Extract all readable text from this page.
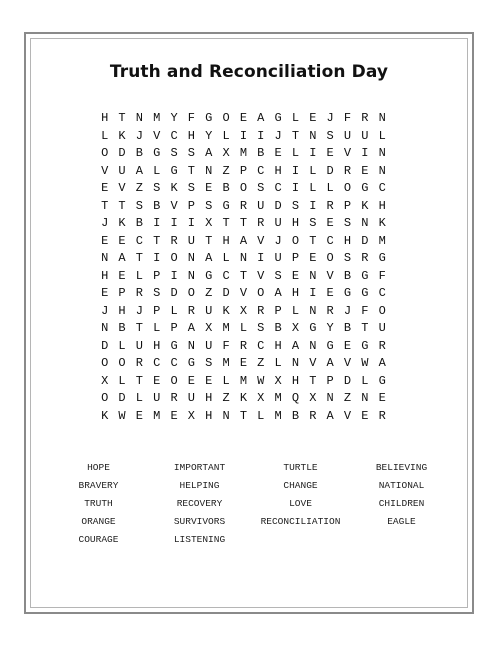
Truth and Reconciliation Day
H T N M Y F G O E A G L E J F R N
L K J V C H Y L I I J T N S U U L
O D B G S S A X M B E L I E V I N
V U A L G T N Z P C H I L D R E N
E V Z S K S E B O S C I L L O G C
T T S B V P S G R U D S I R P K H
J K B I I I X T T R U H S E S N K
E E C T R U T H A V J O T C H D M
N A T I O N A L N I U P E O S R G
H E L P I N G C T V S E N V B G F
E P R S D O Z D V O A H I E G G C
J H J P L R U K X R P L N R J F O
N B T L P A X M L S B X G Y B T U
D L U H G N U F R C H A N G E G R
O O R C C G S M E Z L N V A V W A
X L T E O E E L M W X H T P D L G
O D L U R U H Z K X M Q X N Z N E
K W E M E X H N T L M B R A V E R
HOPE	IMPORTANT	TURTLE	BELIEVING
BRAVERY	HELPING	CHANGE	NATIONAL
TRUTH	RECOVERY	LOVE	CHILDREN
ORANGE	SURVIVORS	RECONCILIATION	EAGLE
COURAGE	LISTENING
